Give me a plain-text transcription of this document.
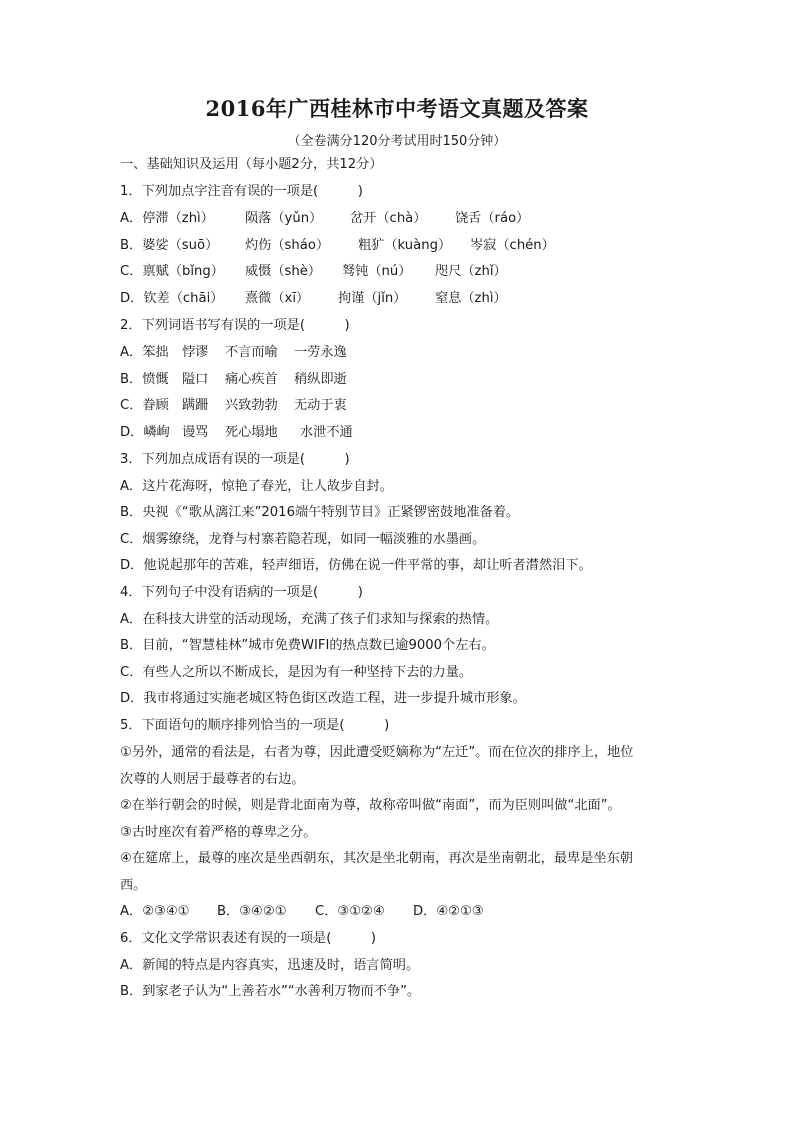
2016年广西桂林市中考语文真题及答案
（全卷满分120分考试用时150分钟）
一、基础知识及运用（每小题2分，共12分）
1．下列加点字注音有误的一项是(　　　)
A．停滞（zhì） 陨落（yǔn） 岔开（chà） 饶舌（ráo）
B．婆娑（suō） 灼伤（sháo） 粗犷（kuàng） 岑寂（chén）
C．禀赋（bǐng） 威慑（shè） 驽钝（nú） 咫尺（zhǐ）
D．钦差（chāi） 熹微（xī） 拘谨（jǐn） 窒息（zhì）
2．下列词语书写有误的一项是(　　　)
A．笨拙 悖谬 不言而喻 一劳永逸
B．愤慨 隘口 痛心疾首 稍纵即逝
C．眷顾 蹒跚 兴致勃勃 无动于衷
D．嶙峋 谩骂 死心塌地 水泄不通
3．下列加点成语有误的一项是(　　　)
A．这片花海呀，惊艳了春光，让人故步自封。
B．央视《“歌从漓江来”2016端午特别节目》正紧锣密鼓地准备着。
C．烟雾缭绕，龙脊与村寨若隐若现，如同一幅淡雅的水墨画。
D．他说起那年的苦难，轻声细语，仿佛在说一件平常的事，却让听者潸然泪下。
4．下列句子中没有语病的一项是(　　　)
A．在科技大讲堂的活动现场，充满了孩子们求知与探索的热情。
B．目前，“智慧桂林”城市免费WIFI的热点数已逾9000个左右。
C．有些人之所以不断成长，是因为有一种坚持下去的力量。
D．我市将通过实施老城区特色街区改造工程，进一步提升城市形象。
5．下面语句的顺序排列恰当的一项是(　　　)
①另外，通常的看法是，右者为尊，因此遭受贬嫡称为“左迁”。而在位次的排序上，地位
次尊的人则居于最尊者的右边。
②在举行朝会的时候，则是背北面南为尊，故称帝叫做“南面”，而为臣则叫做“北面”。
③古时座次有着严格的尊卑之分。
④在筵席上，最尊的座次是坐西朝东，其次是坐北朝南，再次是坐南朝北，最卑是坐东朝
西。
A．②③④① B．③④②① C．③①②④ D．④②①③
6．文化文学常识表述有误的一项是(　　　)
A．新闻的特点是内容真实，迅速及时，语言简明。
B．到家老子认为“上善若水”“水善利万物而不争”。
